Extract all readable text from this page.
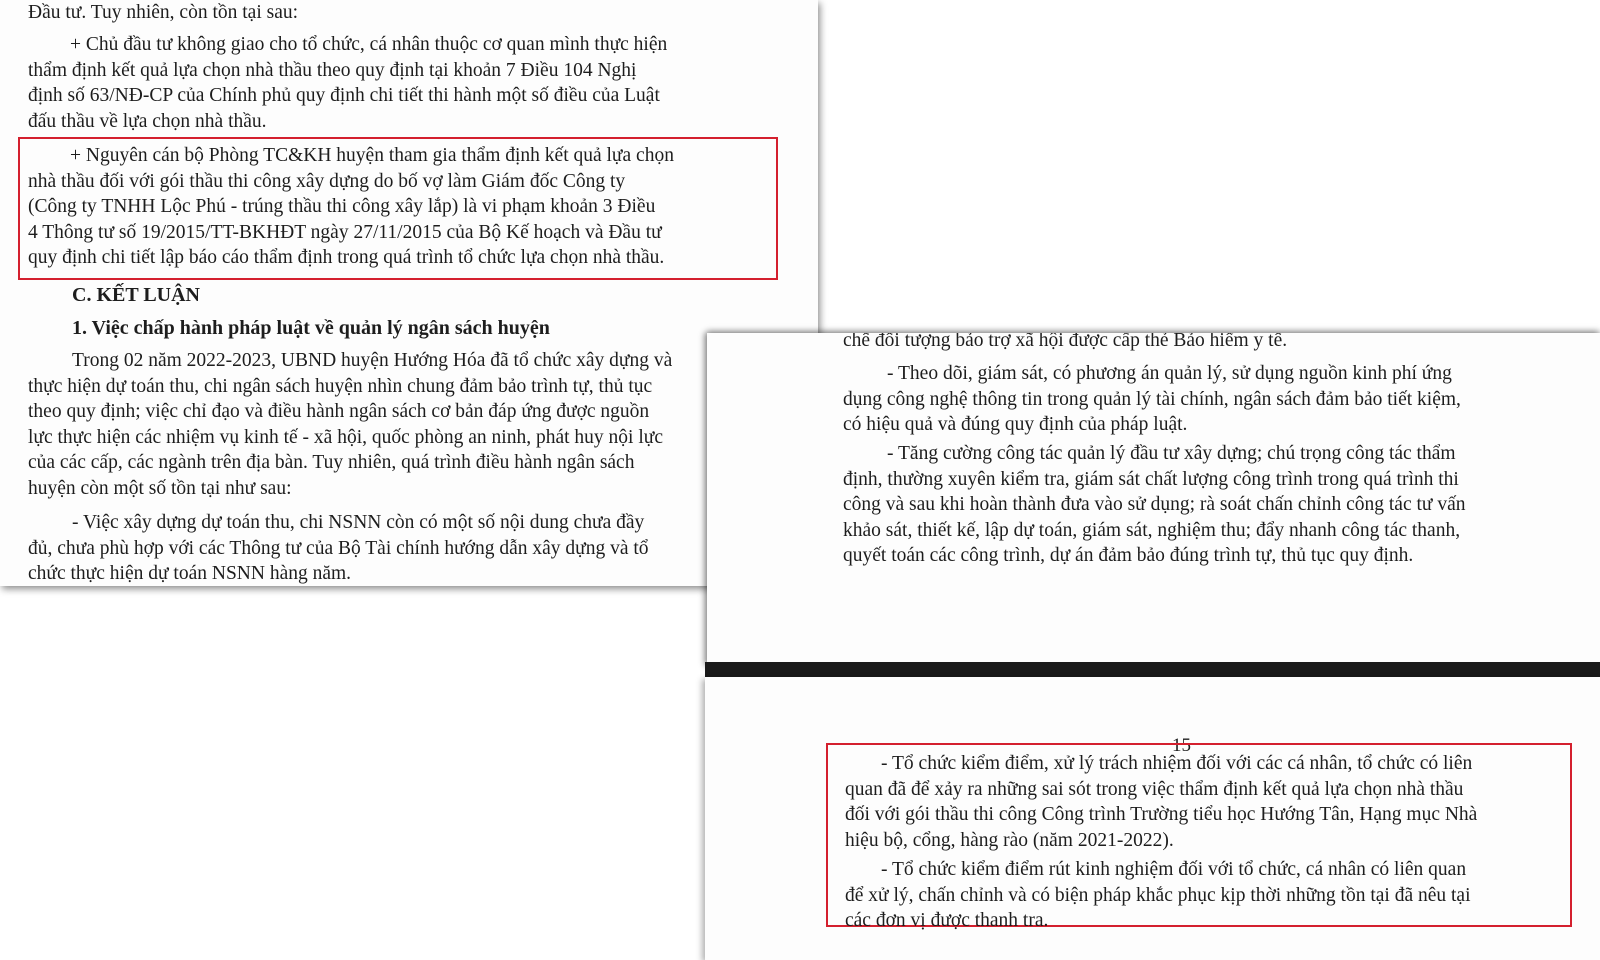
Đầu tư. Tuy nhiên, còn tồn tại sau:
+ Chủ đầu tư không giao cho tổ chức, cá nhân thuộc cơ quan mình thực hiện
thẩm định kết quả lựa chọn nhà thầu theo quy định tại khoản 7 Điều 104 Nghị
định số 63/NĐ-CP của Chính phủ quy định chi tiết thi hành một số điều của Luật
đấu thầu về lựa chọn nhà thầu.
+ Nguyên cán bộ Phòng TC&KH huyện tham gia thẩm định kết quả lựa chọn
nhà thầu đối với gói thầu thi công xây dựng do bố vợ làm Giám đốc Công ty
(Công ty TNHH Lộc Phú - trúng thầu thi công xây lắp) là vi phạm khoản 3 Điều
4 Thông tư số 19/2015/TT-BKHĐT ngày 27/11/2015 của Bộ Kế hoạch và Đầu tư
quy định chi tiết lập báo cáo thẩm định trong quá trình tổ chức lựa chọn nhà thầu.
C. KẾT LUẬN
1. Việc chấp hành pháp luật về quản lý ngân sách huyện
Trong 02 năm 2022-2023, UBND huyện Hướng Hóa đã tổ chức xây dựng và
thực hiện dự toán thu, chi ngân sách huyện nhìn chung đảm bảo trình tự, thủ tục
theo quy định; việc chỉ đạo và điều hành ngân sách cơ bản đáp ứng được nguồn
lực thực hiện các nhiệm vụ kinh tế - xã hội, quốc phòng an ninh, phát huy nội lực
của các cấp, các ngành trên địa bàn. Tuy nhiên, quá trình điều hành ngân sách
huyện còn một số tồn tại như sau:
- Việc xây dựng dự toán thu, chi NSNN còn có một số nội dung chưa đầy
đủ, chưa phù hợp với các Thông tư của Bộ Tài chính hướng dẫn xây dựng và tổ
chức thực hiện dự toán NSNN hàng năm.
chế đối tượng bảo trợ xã hội được cấp thẻ Bảo hiểm y tế.
- Theo dõi, giám sát, có phương án quản lý, sử dụng nguồn kinh phí ứng
dụng công nghệ thông tin trong quản lý tài chính, ngân sách đảm bảo tiết kiệm,
có hiệu quả và đúng quy định của pháp luật.
- Tăng cường công tác quản lý đầu tư xây dựng; chú trọng công tác thẩm
định, thường xuyên kiểm tra, giám sát chất lượng công trình trong quá trình thi
công và sau khi hoàn thành đưa vào sử dụng; rà soát chấn chỉnh công tác tư vấn
khảo sát, thiết kế, lập dự toán, giám sát, nghiệm thu; đẩy nhanh công tác thanh,
quyết toán các công trình, dự án đảm bảo đúng trình tự, thủ tục quy định.
15
- Tổ chức kiểm điểm, xử lý trách nhiệm đối với các cá nhân, tổ chức có liên
quan đã để xảy ra những sai sót trong việc thẩm định kết quả lựa chọn nhà thầu
đối với gói thầu thi công Công trình Trường tiểu học Hướng Tân, Hạng mục Nhà
hiệu bộ, cổng, hàng rào (năm 2021-2022).
- Tổ chức kiểm điểm rút kinh nghiệm đối với tổ chức, cá nhân có liên quan
để xử lý, chấn chỉnh và có biện pháp khắc phục kịp thời những tồn tại đã nêu tại
các đơn vị được thanh tra.
